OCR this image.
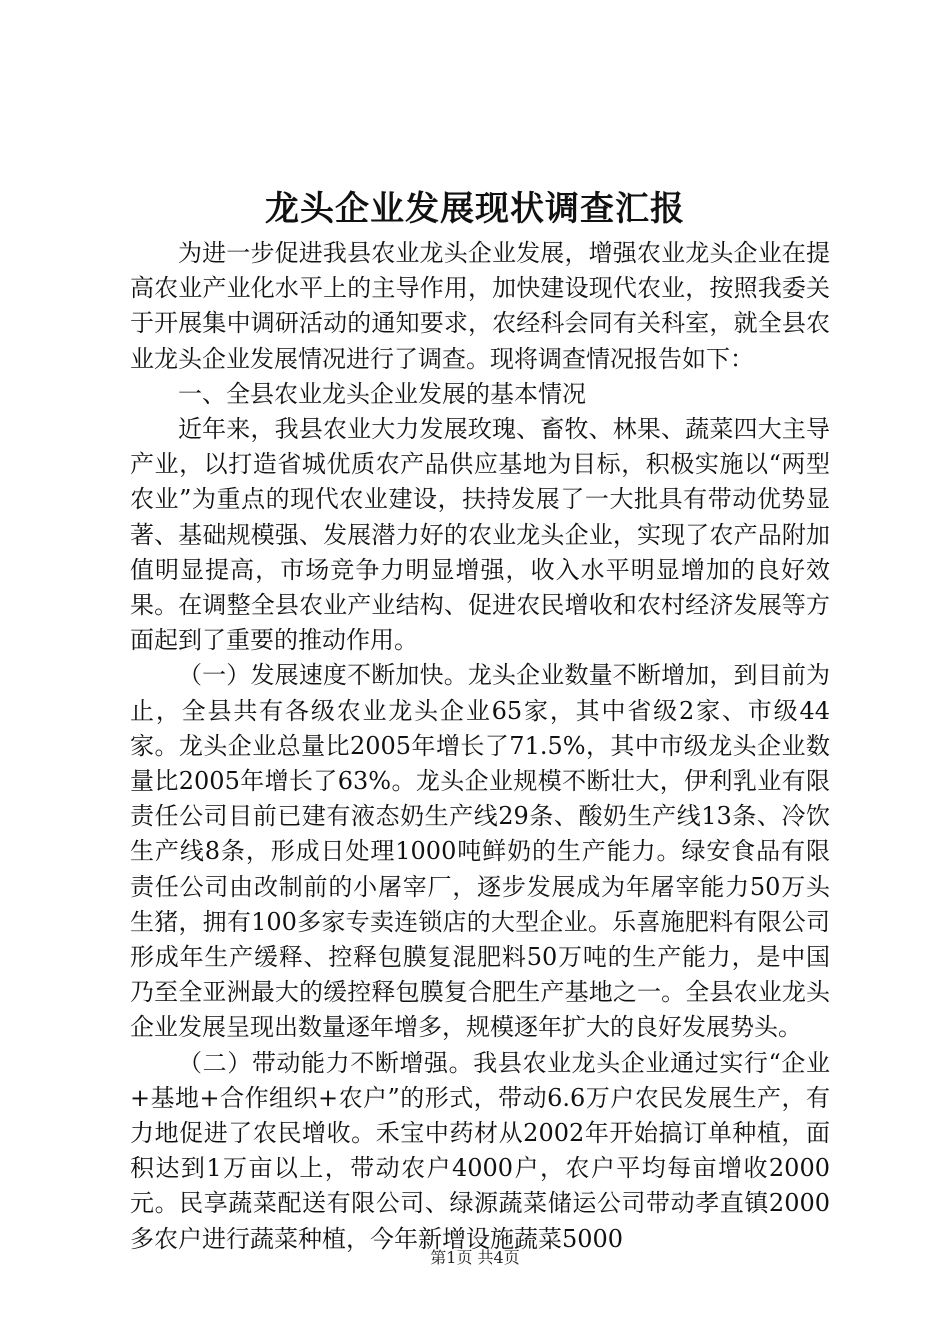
龙头企业发展现状调查汇报

为进一步促进我县农业龙头企业发展，增强农业龙头企业在提高农业产业化水平上的主导作用，加快建设现代农业，按照我委关于开展集中调研活动的通知要求，农经科会同有关科室，就全县农业龙头企业发展情况进行了调查。现将调查情况报告如下：

一、全县农业龙头企业发展的基本情况

近年来，我县农业大力发展玫瑰、畜牧、林果、蔬菜四大主导产业，以打造省城优质农产品供应基地为目标，积极实施以“两型农业”为重点的现代农业建设，扶持发展了一大批具有带动优势显著、基础规模强、发展潜力好的农业龙头企业，实现了农产品附加值明显提高，市场竞争力明显增强，收入水平明显增加的良好效果。在调整全县农业产业结构、促进农民增收和农村经济发展等方面起到了重要的推动作用。

（一）发展速度不断加快。龙头企业数量不断增加，到目前为止，全县共有各级农业龙头企业65家，其中省级2家、市级44家。龙头企业总量比2005年增长了71.5%，其中市级龙头企业数量比2005年增长了63%。龙头企业规模不断壮大，伊利乳业有限责任公司目前已建有液态奶生产线29条、酸奶生产线13条、冷饮生产线8条，形成日处理1000吨鲜奶的生产能力。绿安食品有限责任公司由改制前的小屠宰厂，逐步发展成为年屠宰能力50万头生猪，拥有100多家专卖连锁店的大型企业。乐喜施肥料有限公司形成年生产缓释、控释包膜复混肥料50万吨的生产能力，是中国乃至全亚洲最大的缓控释包膜复合肥生产基地之一。全县农业龙头企业发展呈现出数量逐年增多，规模逐年扩大的良好发展势头。

（二）带动能力不断增强。我县农业龙头企业通过实行“企业+基地+合作组织+农户”的形式，带动6.6万户农民发展生产，有力地促进了农民增收。禾宝中药材从2002年开始搞订单种植，面积达到1万亩以上，带动农户4000户，农户平均每亩增收2000元。民享蔬菜配送有限公司、绿源蔬菜储运公司带动孝直镇2000多农户进行蔬菜种植，今年新增设施蔬菜5000

第1页 共4页
